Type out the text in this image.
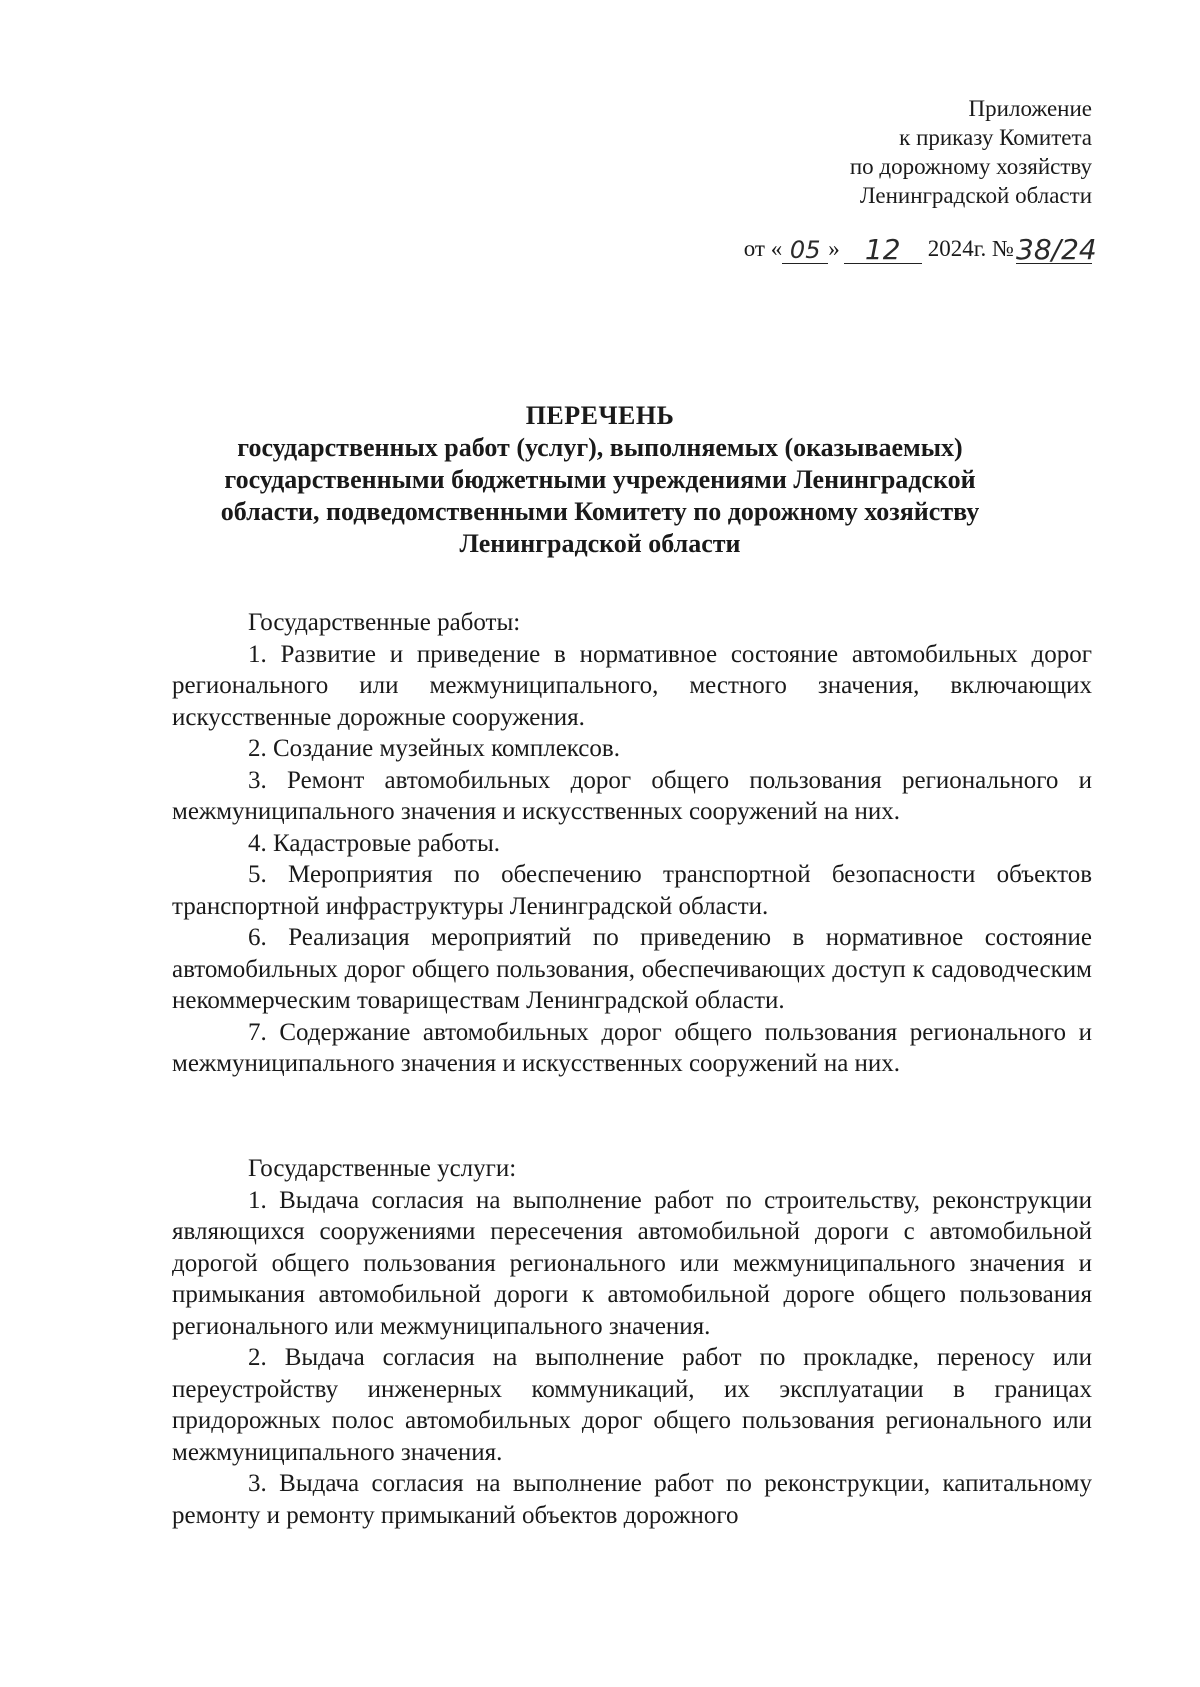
Приложение
к приказу Комитета
по дорожному хозяйству
Ленинградской области
от « 05 » 12	2024г. № 38/24
ПЕРЕЧЕНЬ
государственных работ (услуг), выполняемых (оказываемых)
государственными бюджетными учреждениями Ленинградской
области, подведомственными Комитету по дорожному хозяйству
Ленинградской области

Государственные работы:

1. Развитие и приведение в нормативное состояние автомобильных дорог регионального или межмуниципального, местного значения, включающих искусственные дорожные сооружения.

2. Создание музейных комплексов.

3. Ремонт автомобильных дорог общего пользования регионального и межмуниципального значения и искусственных сооружений на них.

4. Кадастровые работы.

5. Мероприятия по обеспечению транспортной безопасности объектов транспортной инфраструктуры Ленинградской области.

6. Реализация мероприятий по приведению в нормативное состояние автомобильных дорог общего пользования, обеспечивающих доступ к садоводческим некоммерческим товариществам Ленинградской области.

7. Содержание автомобильных дорог общего пользования регионального и межмуниципального значения и искусственных сооружений на них.

Государственные услуги:

1. Выдача согласия на выполнение работ по строительству, реконструкции являющихся сооружениями пересечения автомобильной дороги с автомобильной дорогой общего пользования регионального или межмуниципального значения и примыкания автомобильной дороги к автомобильной дороге общего пользования регионального или межмуниципального значения.

2. Выдача согласия на выполнение работ по прокладке, переносу или переустройству инженерных коммуникаций, их эксплуатации в границах придорожных полос автомобильных дорог общего пользования регионального или межмуниципального значения.

3. Выдача согласия на выполнение работ по реконструкции, капитальному ремонту и ремонту примыканий объектов дорожного
